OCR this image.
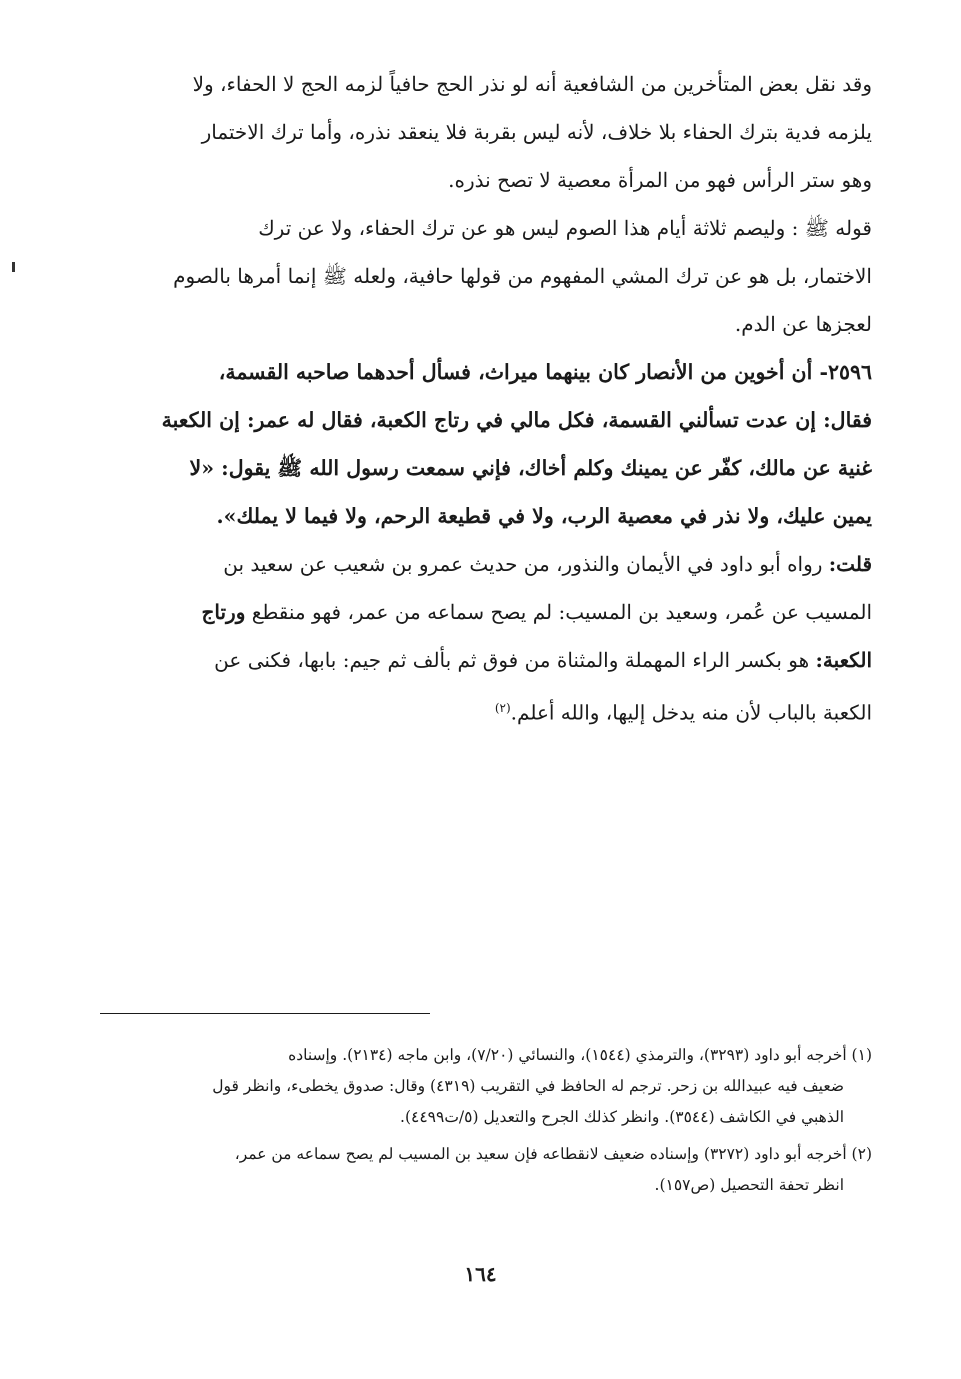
وقد نقل بعض المتأخرين من الشافعية أنه لو نذر الحج حافياً لزمه الحج لا الحفاء، ولا
يلزمه فدية بترك الحفاء بلا خلاف، لأنه ليس بقربة فلا ينعقد نذره، وأما ترك الاختمار
وهو ستر الرأس فهو من المرأة معصية لا تصح نذره.

قوله ﷺ : وليصم ثلاثة أيام هذا الصوم ليس هو عن ترك الحفاء، ولا عن ترك
الاختمار، بل هو عن ترك المشي المفهوم من قولها حافية، ولعله ﷺ إنما أمرها بالصوم
لعجزها عن الدم.

٢٥٩٦- أن أخوين من الأنصار كان بينهما ميراث، فسأل أحدهما صاحبه القسمة،
فقال: إن عدت تسألني القسمة، فكل مالي في رتاج الكعبة، فقال له عمر: إن الكعبة
غنية عن مالك، كفّر عن يمينك وكلم أخاك، فإني سمعت رسول الله ﷺ يقول: «لا
يمين عليك، ولا نذر في معصية الرب، ولا في قطيعة الرحم، ولا فيما لا يملك».

قلت: رواه أبو داود في الأيمان والنذور، من حديث عمرو بن شعيب عن سعيد بن
المسيب عن عُمر، وسعيد بن المسيب: لم يصح سماعه من عمر، فهو منقطع ورتاج
الكعبة: هو بكسر الراء المهملة والمثناة من فوق ثم بألف ثم جيم: بابها، فكنى عن
الكعبة بالباب لأن منه يدخل إليها، والله أعلم.$^{(٢)}$

(١) أخرجه أبو داود (٣٢٩٣)، والترمذي (١٥٤٤)، والنسائي (٧/٢٠)، وابن ماجه (٢١٣٤). وإسناده
ضعيف فيه عبيدالله بن زحر. ترجم له الحافظ في التقريب (٤٣١٩) وقال: صدوق يخطىء، وانظر قول
الذهبي في الكاشف (٣٥٤٤). وانظر كذلك الجرح والتعديل (٥/ت٤٤٩٩).

(٢) أخرجه أبو داود (٣٢٧٢) وإسناده ضعيف لانقطاعه فإن سعيد بن المسيب لم يصح سماعه من عمر،
انظر تحفة التحصيل (ص١٥٧).

١٦٤
